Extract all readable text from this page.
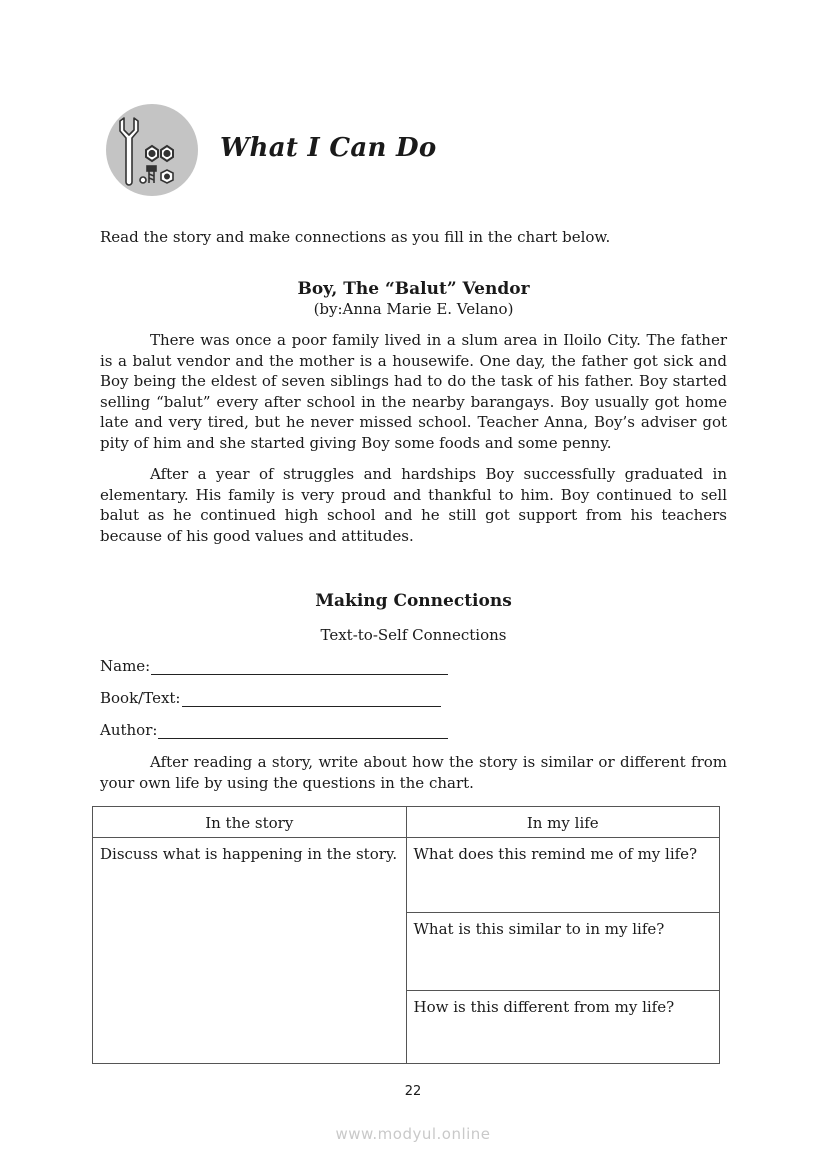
What I Can Do
Read the story and make connections as you fill in the chart below.
Boy, The “Balut” Vendor
(by:Anna Marie E. Velano)
There was once a poor family lived in a slum area in Iloilo City. The father is a balut vendor and the mother is a housewife. One day, the father got sick and Boy being the eldest of seven siblings had to do the task of his father. Boy started selling “balut” every after school in the nearby barangays. Boy usually got home late and very tired, but he never missed school. Teacher Anna, Boy’s adviser got pity of him and she started giving Boy some foods and some penny.
After a year of struggles and hardships Boy successfully graduated in elementary. His family is very proud and thankful to him. Boy continued to sell balut as he continued high school and he still got support from his teachers because of his good values and attitudes.
Making Connections
Text-to-Self Connections
Name:
Book/Text:
Author:
After reading a story, write about how the story is similar or different from your own life by using the questions in the chart.
In the story	In my life
Discuss what is happening in the story.	What does this remind me of my life?
	What is this similar to in my life?
	How is this different from my life?
22
www.modyul.online
